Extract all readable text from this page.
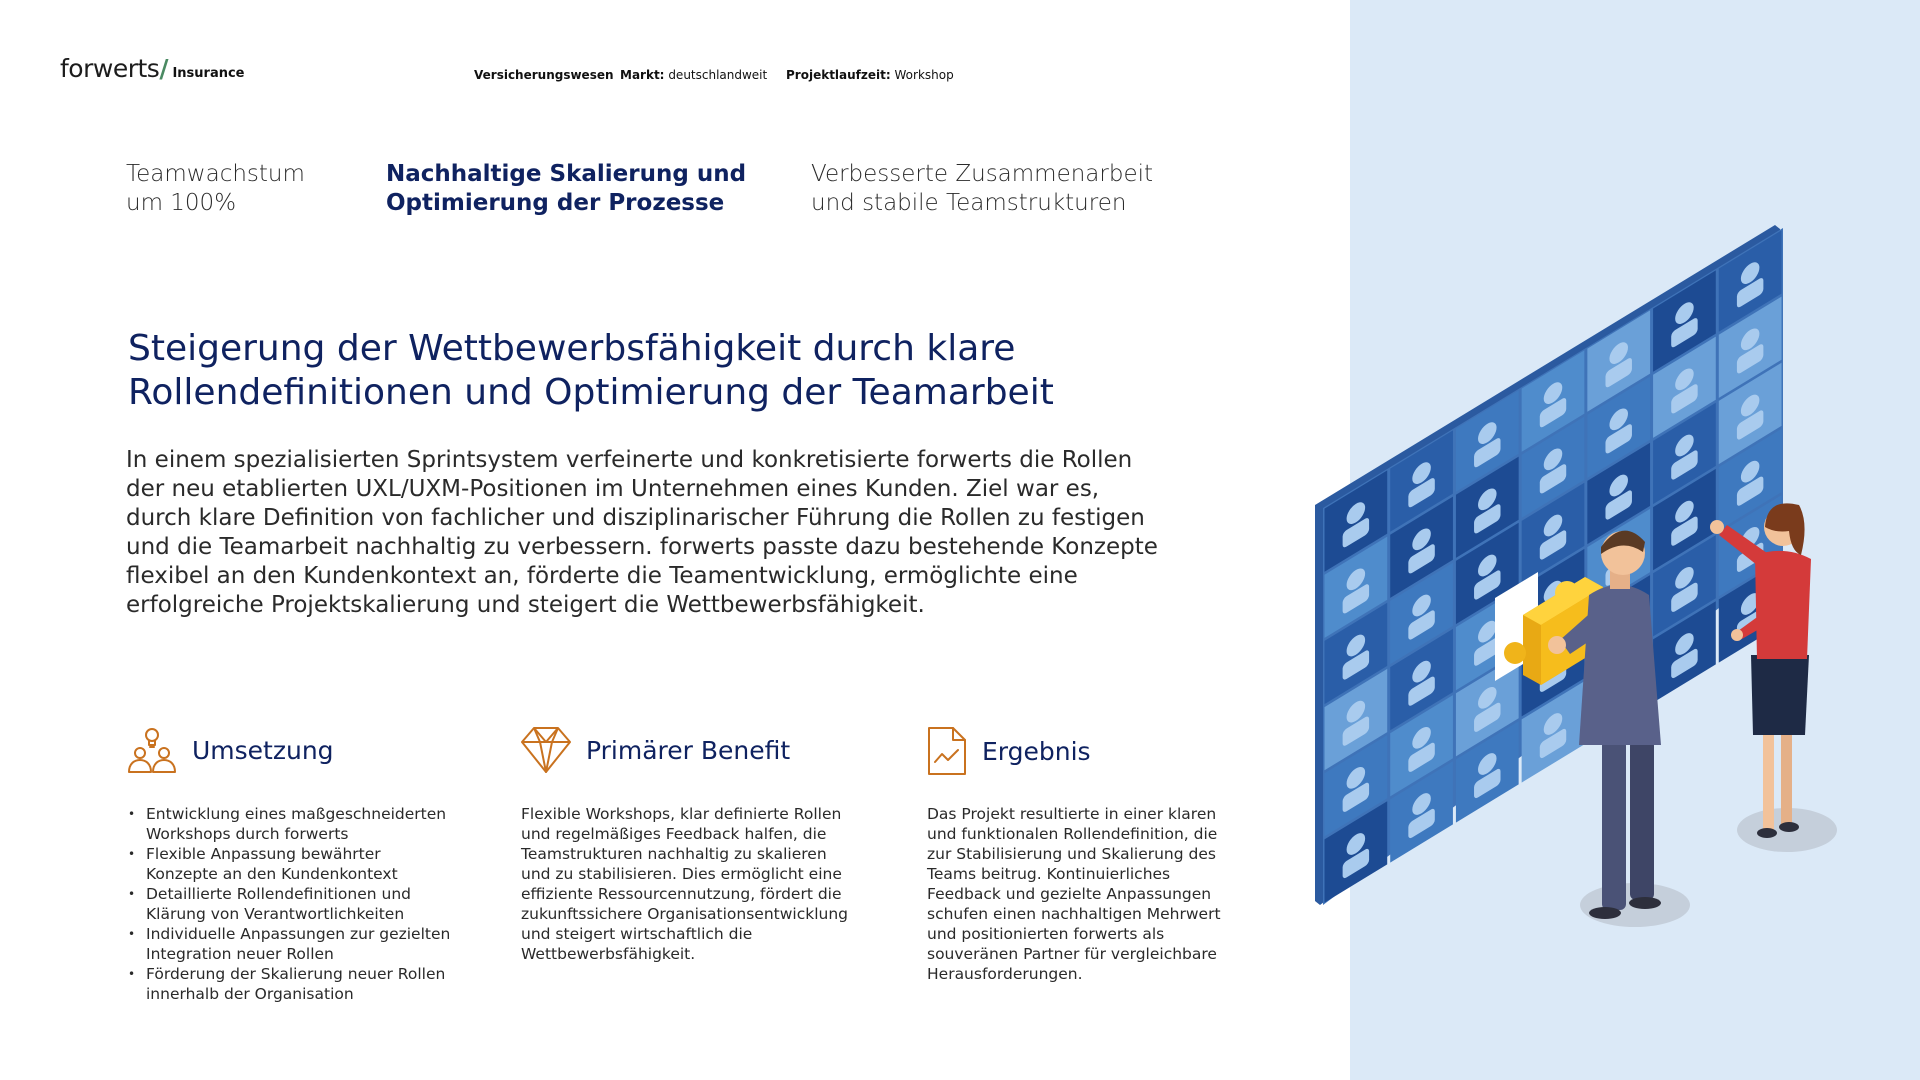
forwerts / Insurance	Versicherungswesen Markt: deutschlandweit Projektlaufzeit: Workshop
Teamwachstum
um 100%
Nachhaltige Skalierung und
Optimierung der Prozesse
Verbesserte Zusammenarbeit
und stabile Teamstrukturen
Steigerung der Wettbewerbsfähigkeit durch klare
Rollendefinitionen und Optimierung der Teamarbeit
In einem spezialisierten Sprintsystem verfeinerte und konkretisierte forwerts die Rollen
der neu etablierten UXL/UXM-Positionen im Unternehmen eines Kunden. Ziel war es,
durch klare Definition von fachlicher und disziplinarischer Führung die Rollen zu festigen
und die Teamarbeit nachhaltig zu verbessern. forwerts passte dazu bestehende Konzepte
flexibel an den Kundenkontext an, förderte die Teamentwicklung, ermöglichte eine
erfolgreiche Projektskalierung und steigert die Wettbewerbsfähigkeit.
Umsetzung
• Entwicklung eines maßgeschneiderten
Workshops durch forwerts
• Flexible Anpassung bewährter
Konzepte an den Kundenkontext
• Detaillierte Rollendefinitionen und
Klärung von Verantwortlichkeiten
• Individuelle Anpassungen zur gezielten
Integration neuer Rollen
• Förderung der Skalierung neuer Rollen
innerhalb der Organisation
Primärer Benefit
Flexible Workshops, klar definierte Rollen
und regelmäßiges Feedback halfen, die
Teamstrukturen nachhaltig zu skalieren
und zu stabilisieren. Dies ermöglicht eine
effiziente Ressourcennutzung, fördert die
zukunftssichere Organisationsentwicklung
und steigert wirtschaftlich die
Wettbewerbsfähigkeit.
Ergebnis
Das Projekt resultierte in einer klaren
und funktionalen Rollendefinition, die
zur Stabilisierung und Skalierung des
Teams beitrug. Kontinuierliches
Feedback und gezielte Anpassungen
schufen einen nachhaltigen Mehrwert
und positionierten forwerts als
souveränen Partner für vergleichbare
Herausforderungen.
